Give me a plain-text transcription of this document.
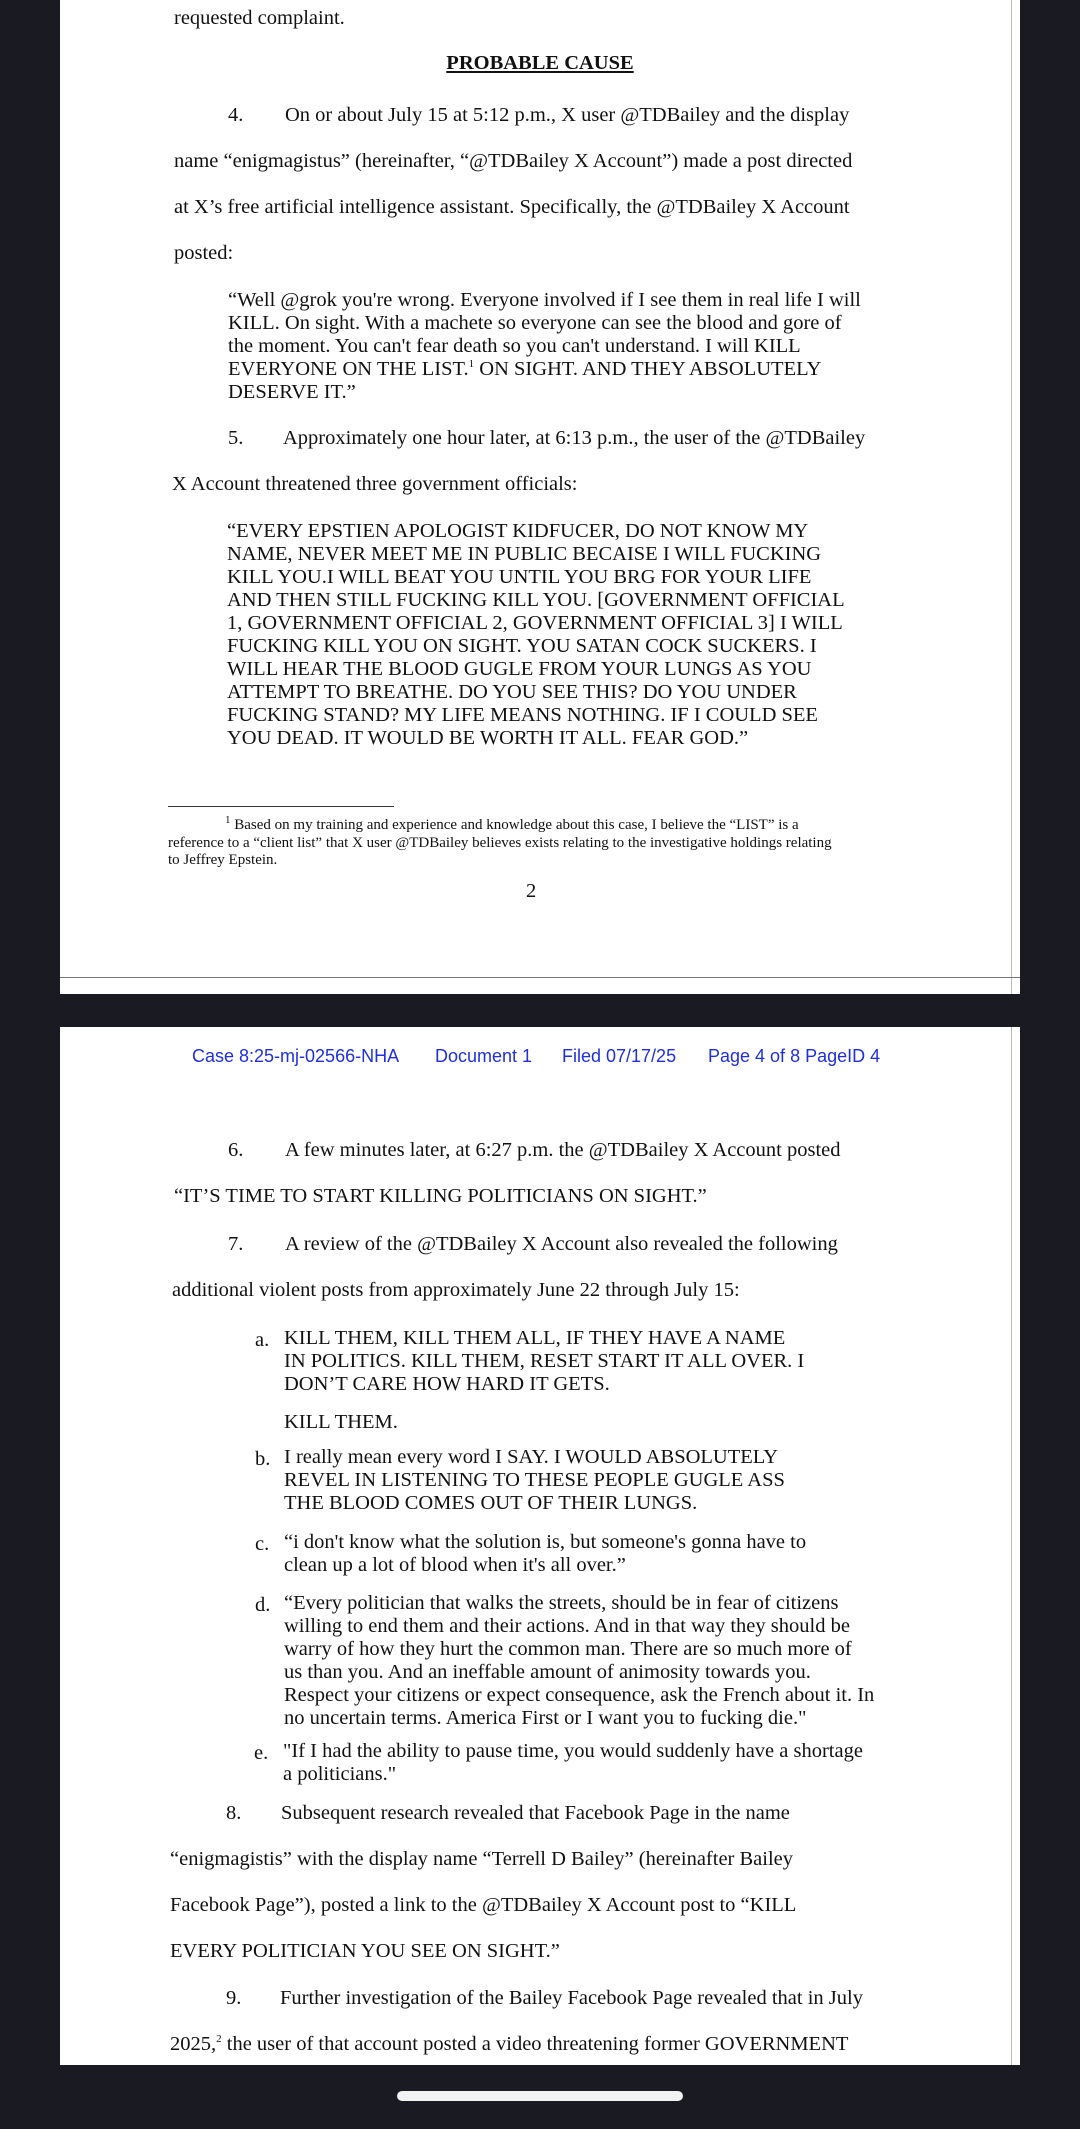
requested complaint.
PROBABLE CAUSE
4. On or about July 15 at 5:12 p.m., X user @TDBailey and the display
name “enigmagistus” (hereinafter, “@TDBailey X Account”) made a post directed
at X’s free artificial intelligence assistant. Specifically, the @TDBailey X Account
posted:
“Well @grok you're wrong. Everyone involved if I see them in real life I will
KILL. On sight. With a machete so everyone can see the blood and gore of
the moment. You can't fear death so you can't understand. I will KILL
EVERYONE ON THE LIST.$^1$ ON SIGHT. AND THEY ABSOLUTELY
DESERVE IT.”
5. Approximately one hour later, at 6:13 p.m., the user of the @TDBailey
X Account threatened three government officials:
“EVERY EPSTIEN APOLOGIST KIDFUCER, DO NOT KNOW MY
NAME, NEVER MEET ME IN PUBLIC BECAISE I WILL FUCKING
KILL YOU.I WILL BEAT YOU UNTIL YOU BRG FOR YOUR LIFE
AND THEN STILL FUCKING KILL YOU. [GOVERNMENT OFFICIAL
1, GOVERNMENT OFFICIAL 2, GOVERNMENT OFFICIAL 3] I WILL
FUCKING KILL YOU ON SIGHT. YOU SATAN COCK SUCKERS. I
WILL HEAR THE BLOOD GUGLE FROM YOUR LUNGS AS YOU
ATTEMPT TO BREATHE. DO YOU SEE THIS? DO YOU UNDER
FUCKING STAND? MY LIFE MEANS NOTHING. IF I COULD SEE
YOU DEAD. IT WOULD BE WORTH IT ALL. FEAR GOD.”
$^1$ Based on my training and experience and knowledge about this case, I believe the “LIST” is a
reference to a “client list” that X user @TDBailey believes exists relating to the investigative holdings relating
to Jeffrey Epstein.
2
Case 8:25-mj-02566-NHA Document 1 Filed 07/17/25 Page 4 of 8 PageID 4
6. A few minutes later, at 6:27 p.m. the @TDBailey X Account posted
“IT’S TIME TO START KILLING POLITICIANS ON SIGHT.”
7. A review of the @TDBailey X Account also revealed the following
additional violent posts from approximately June 22 through July 15:
a. KILL THEM, KILL THEM ALL, IF THEY HAVE A NAME
IN POLITICS. KILL THEM, RESET START IT ALL OVER. I
DON’T CARE HOW HARD IT GETS.
KILL THEM.
b. I really mean every word I SAY. I WOULD ABSOLUTELY
REVEL IN LISTENING TO THESE PEOPLE GUGLE ASS
THE BLOOD COMES OUT OF THEIR LUNGS.
c. “i don't know what the solution is, but someone's gonna have to
clean up a lot of blood when it's all over.”
d. “Every politician that walks the streets, should be in fear of citizens
willing to end them and their actions. And in that way they should be
warry of how they hurt the common man. There are so much more of
us than you. And an ineffable amount of animosity towards you.
Respect your citizens or expect consequence, ask the French about it. In
no uncertain terms. America First or I want you to fucking die."
e. "If I had the ability to pause time, you would suddenly have a shortage
a politicians."
8. Subsequent research revealed that Facebook Page in the name
“enigmagistis” with the display name “Terrell D Bailey” (hereinafter Bailey
Facebook Page”), posted a link to the @TDBailey X Account post to “KILL
EVERY POLITICIAN YOU SEE ON SIGHT.”
9. Further investigation of the Bailey Facebook Page revealed that in July
2025,$^2$ the user of that account posted a video threatening former GOVERNMENT
